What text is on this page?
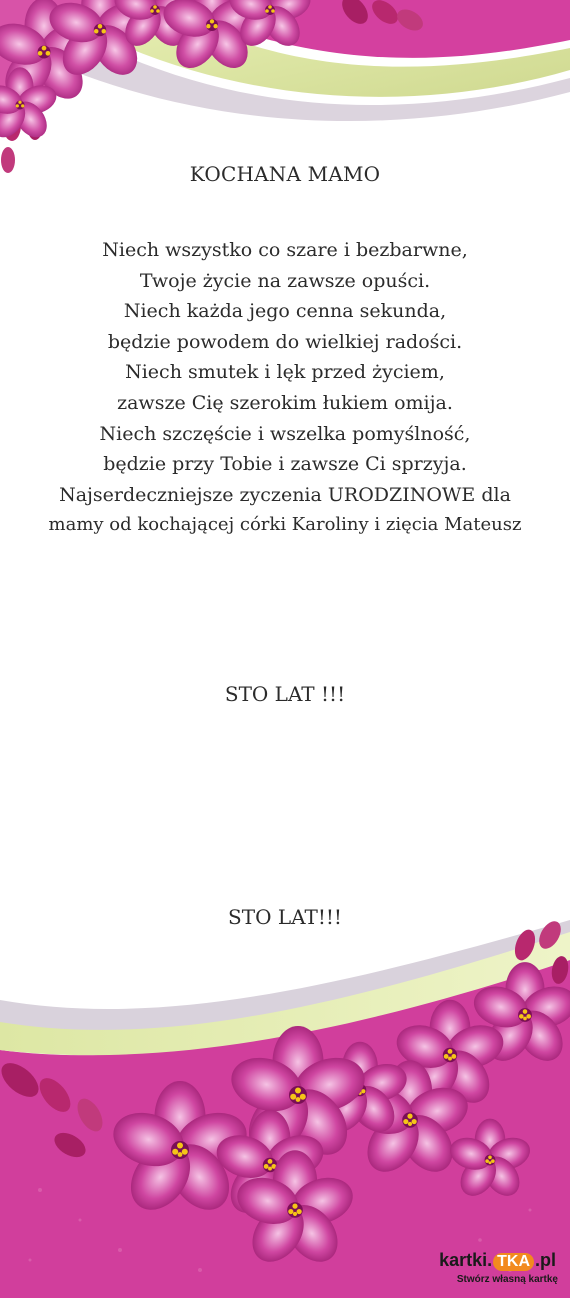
KOCHANA MAMO
Niech wszystko co szare i bezbarwne,
Twoje życie na zawsze opuści.
Niech każda jego cenna sekunda,
będzie powodem do wielkiej radości.
Niech smutek i lęk przed życiem,
zawsze Cię szerokim łukiem omija.
Niech szczęście i wszelka pomyślność,
będzie przy Tobie i zawsze Ci sprzyja.
Najserdeczniejsze zyczenia URODZINOWE dla
mamy od kochającej córki Karoliny i zięcia Mateusz
STO LAT !!!
STO LAT!!!
kartki. TKA .pl
Stwórz własną kartkę
